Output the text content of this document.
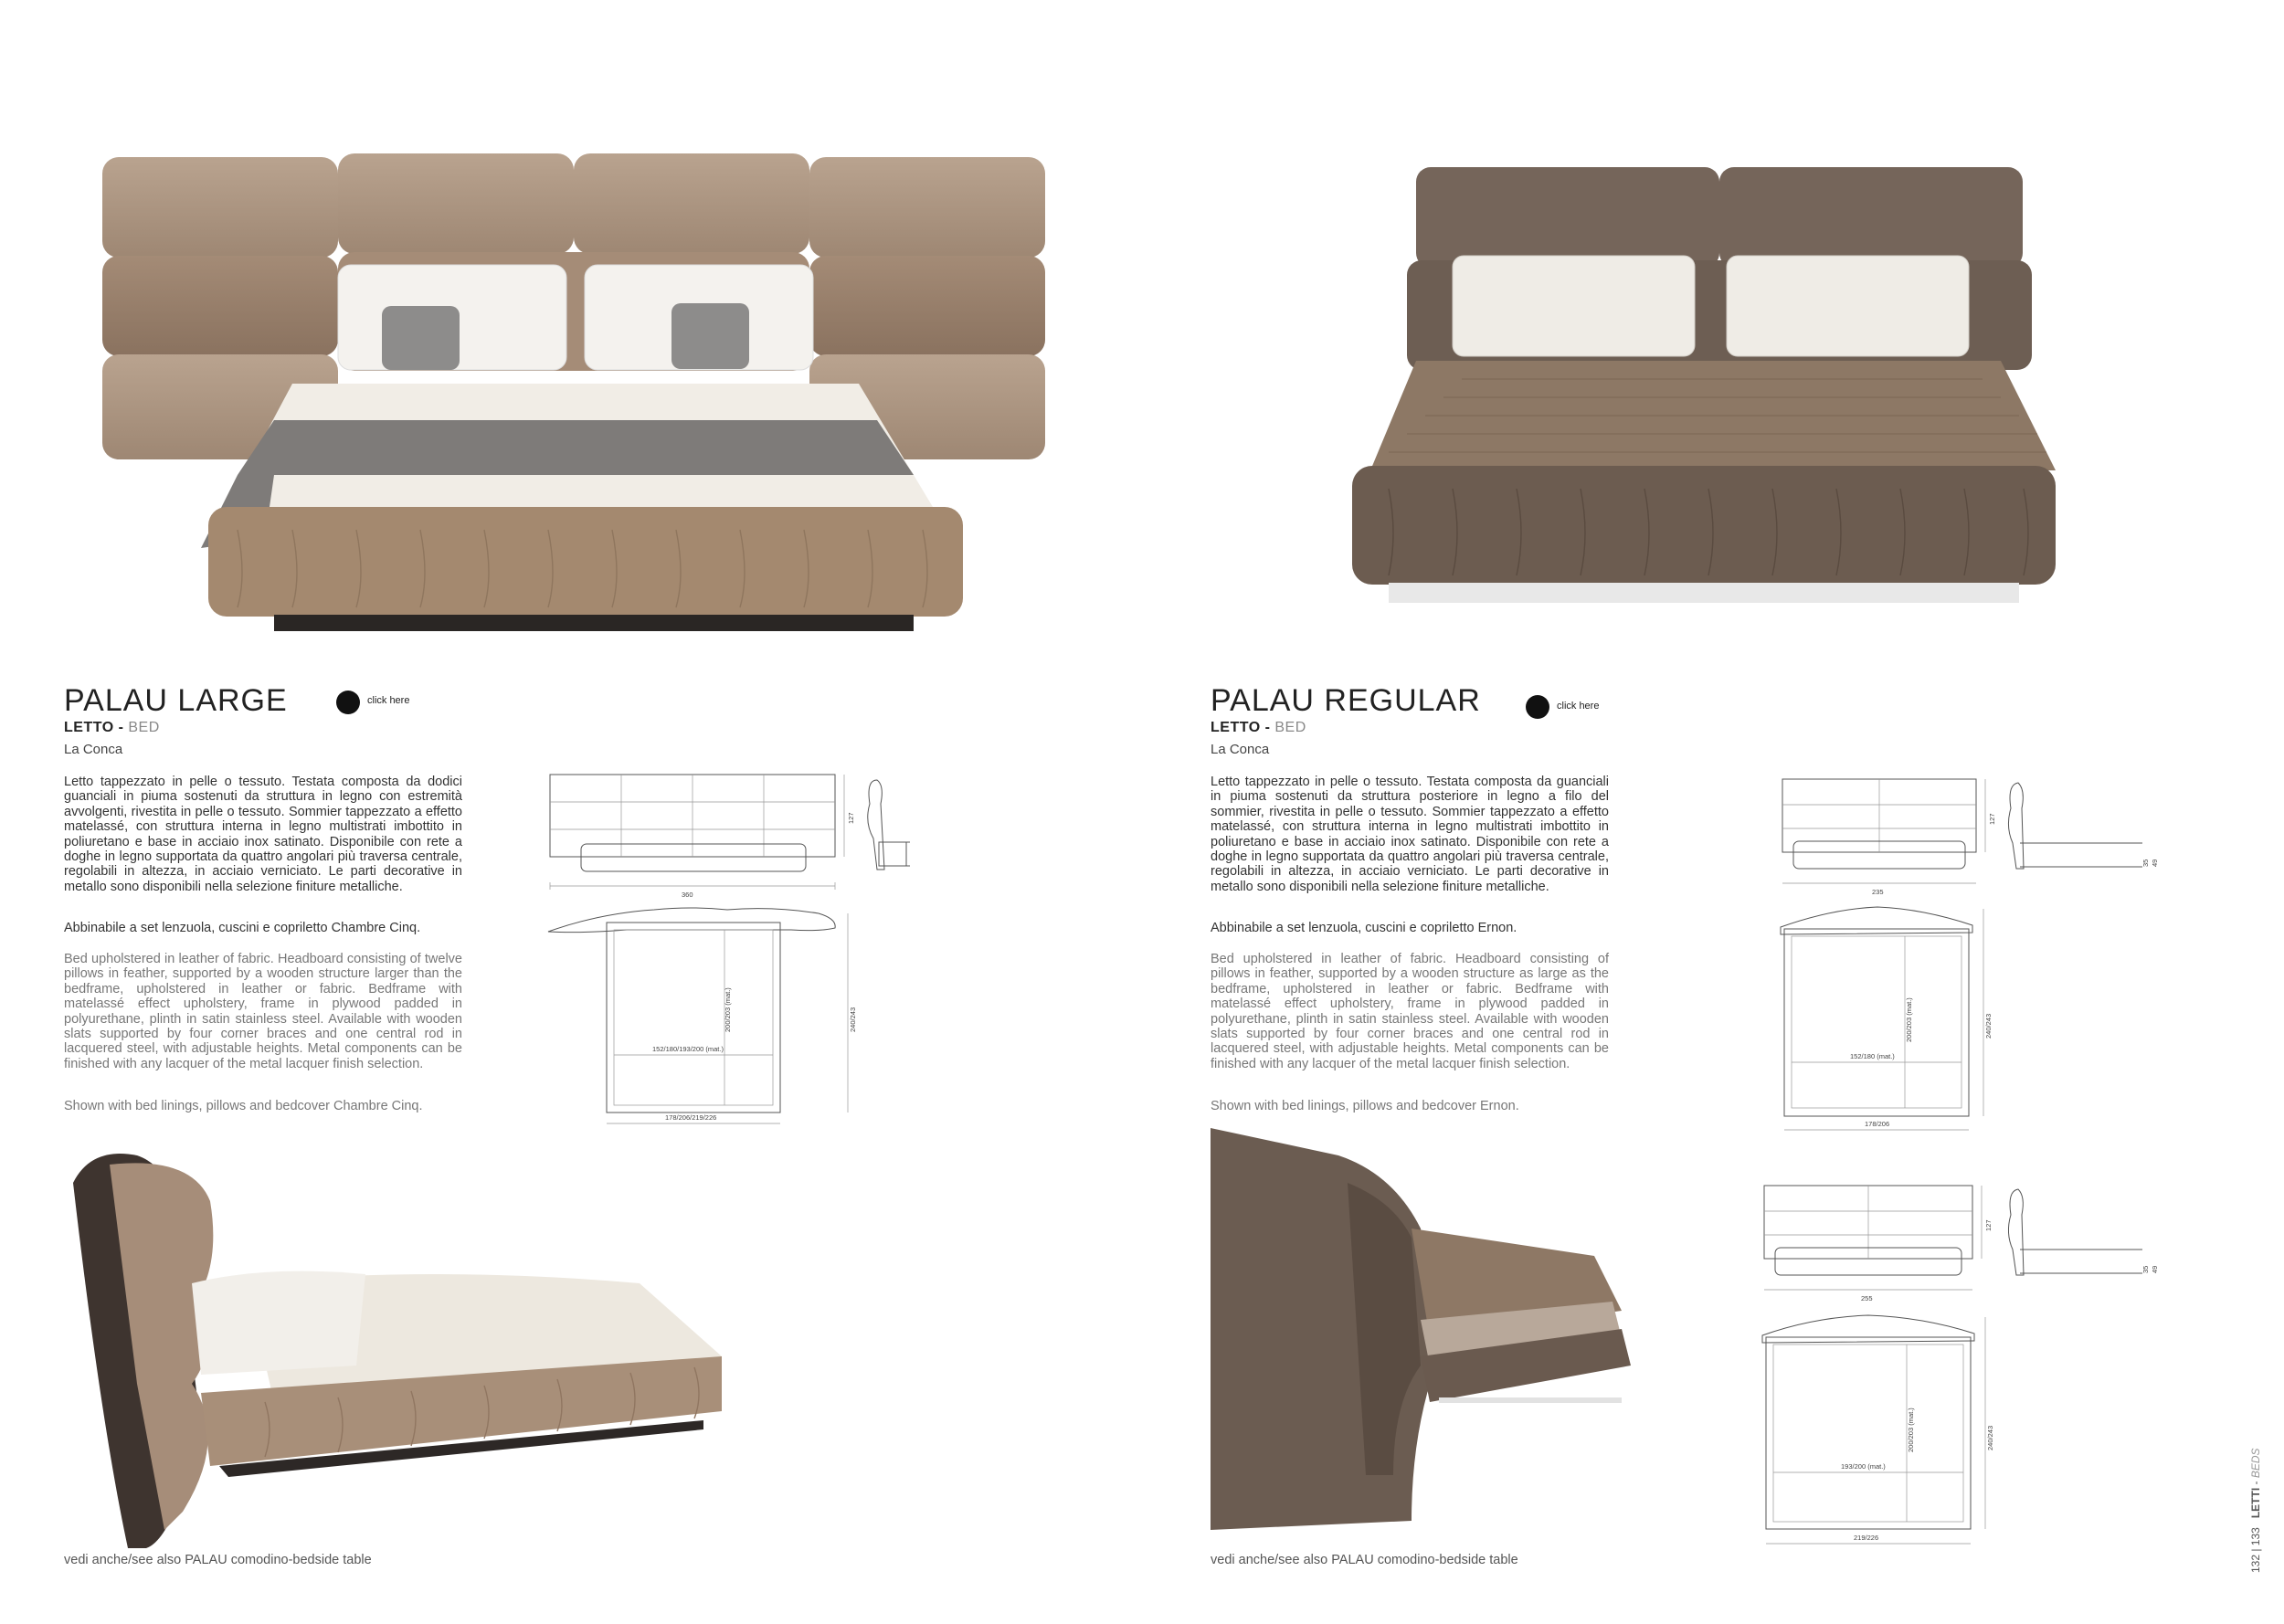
PALAU LARGE	click here
LETTO - BED
La Conca
Letto tappezzato in pelle o tessuto. Testata composta da dodici guanciali in piuma sostenuti da struttura in legno con estremità avvolgenti, rivestita in pelle o tessuto. Sommier tappezzato a effetto matelassé, con struttura interna in legno multistrati imbottito in poliuretano e base in acciaio inox satinato. Disponibile con rete a doghe in legno supportata da quattro angolari più traversa centrale, regolabili in altezza, in acciaio verniciato. Le parti decorative in metallo sono disponibili nella selezione finiture metalliche.
Abbinabile a set lenzuola, cuscini e copriletto Chambre Cinq.
Bed upholstered in leather of fabric. Headboard consisting of twelve pillows in feather, supported by a wooden structure larger than the bedframe, upholstered in leather or fabric. Bedframe with matelassé effect upholstery, frame in plywood padded in polyurethane, plinth in satin stainless steel. Available with wooden slats supported by four corner braces and one central rod in lacquered steel, with adjustable heights. Metal components can be finished with any lacquer of the metal lacquer finish selection.
Shown with bed linings, pillows and bedcover Chambre Cinq.
360
127
152/180/193/200 (mat.)
200/203 (mat.)	240/243
178/206/219/226
vedi anche/see also PALAU comodino-bedside table
PALAU REGULAR	click here
LETTO - BED
La Conca
Letto tappezzato in pelle o tessuto. Testata composta da guanciali in piuma sostenuti da struttura posteriore in legno a filo del sommier, rivestita in pelle o tessuto. Sommier tappezzato a effetto matelassé, con struttura interna in legno multistrati imbottito in poliuretano e base in acciaio inox satinato. Disponibile con rete a doghe in legno supportata da quattro angolari più traversa centrale, regolabili in altezza, in acciaio verniciato. Le parti decorative in metallo sono disponibili nella selezione finiture metalliche.
Abbinabile a set lenzuola, cuscini e copriletto Ernon.
Bed upholstered in leather of fabric. Headboard consisting of pillows in feather, supported by a wooden structure as large as the bedframe, upholstered in leather or fabric. Bedframe with matelassé effect upholstery, frame in plywood padded in polyurethane, plinth in satin stainless steel. Available with wooden slats supported by four corner braces and one central rod in lacquered steel, with adjustable heights. Metal components can be finished with any lacquer of the metal lacquer finish selection.
Shown with bed linings, pillows and bedcover Ernon.
235
127
35 49
152/180 (mat.)
200/203 (mat.)	240/243
178/206
255
127
35 49
193/200 (mat.)
200/203 (mat.)	240/243
219/226
vedi anche/see also PALAU comodino-bedside table	132 | 133   LETTI - BEDS
